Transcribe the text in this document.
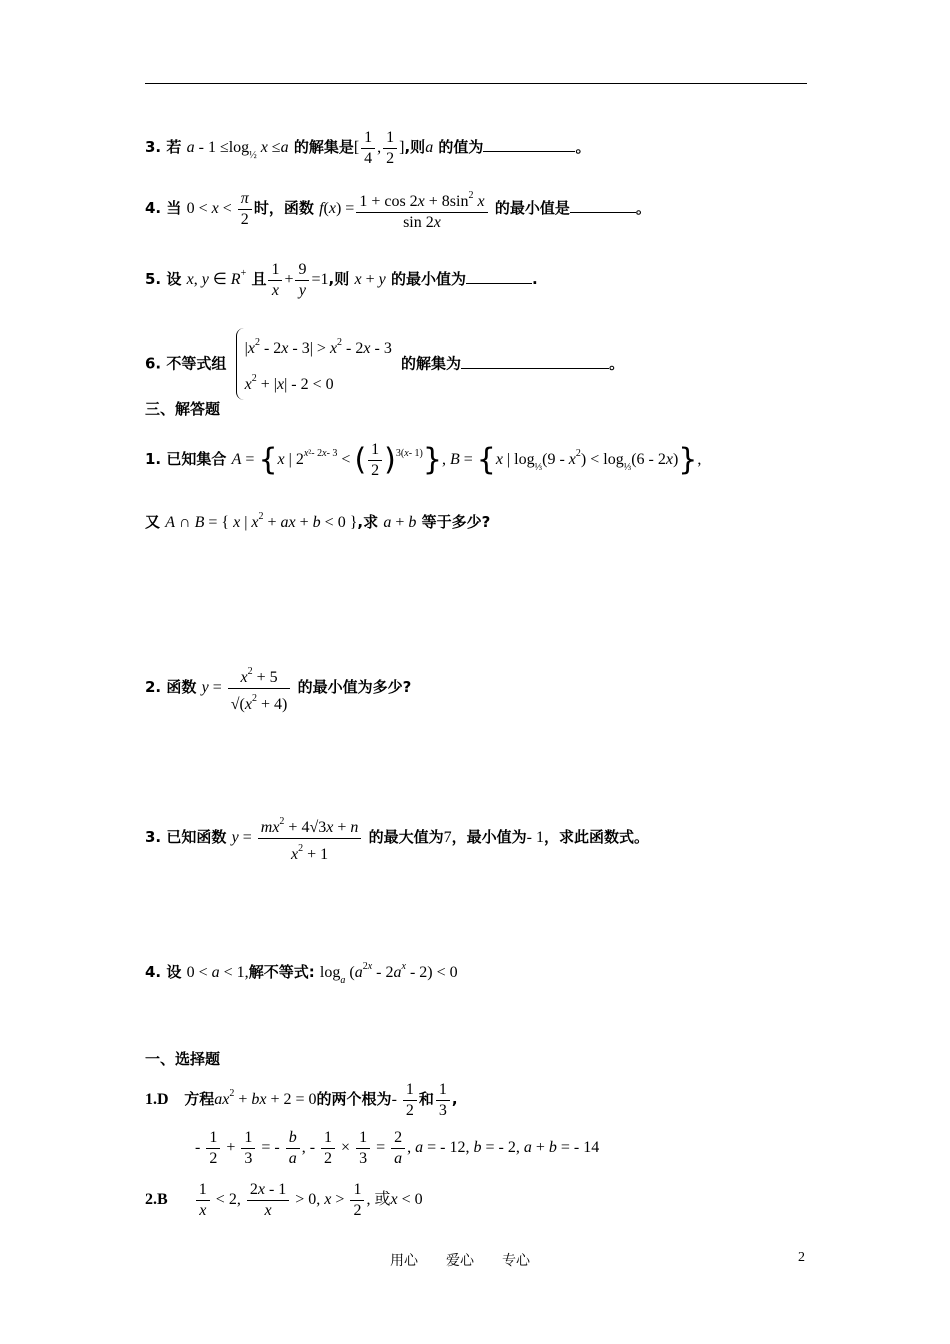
3. 若 $a - 1 \le\log_{\frac{1}{2}}$ x ≤a 的解集是[ $\frac{1}{4}$ , $\frac{1}{2}$ ],则a 的值为	。
4. 当 $0 < x < \frac{\pi}{2}$ 时，函数 $f(x) = \frac{1 + \cos 2x + 8\sin^2 x}{\sin 2x}$ 的最小值是	。
5. 设 x, y ∈ R+ 且 $\frac{1}{x} + \frac{9}{y} =1$,则 x + y 的最小值为	.
6. 不等式组
$|x^2 - 2x - 3| > x^2 - 2x - 3$
$x^2 + |x| - 2 < 0$
的解集为	。
三、解答题
1. 已知集合 A = {x | $2^{x^2- 2x- 3}$ < ( $\frac{1}{2} )^{3(x- 1)}$}, B = {x | $\log_{\frac{1}{3}}(9 - x^2) < \log_{\frac{1}{3}}(6 - 2x)$},
又 A ∩ B = { x | $x^2$ + ax + b < 0 },求 a + b 等于多少?
2. 函数 $y = \frac{x^2 + 5}{√(x^2 + 4)}$ 的最小值为多少?
3. 已知函数 $y = \frac{mx^2 + 4√3x + n}{x^2 + 1}$ 的最大值为7，最小值为- 1，求此函数式。
4. 设 0 < a < 1,解不等式: $\log_a (a^{2x} - 2a^x - 2) < 0$
一、选择题
1.D 方程$ax^2$ + bx + 2 = 0的两个根为- $\frac{1}{2}$ 和 $\frac{1}{3}$ ,
- $\frac{1}{2} + \frac{1}{3}$ = - $\frac{b}{a}$ , - $\frac{1}{2} \times \frac{1}{3} = \frac{2}{a}$ , a = - 12, b = - 2, a + b = - 14
$2.B \frac{1}{x} < 2$, $\frac{2x - 1}{x} > 0$, $x > \frac{1}{2}$ , 或x < 0
用心 爱心 专心	2
